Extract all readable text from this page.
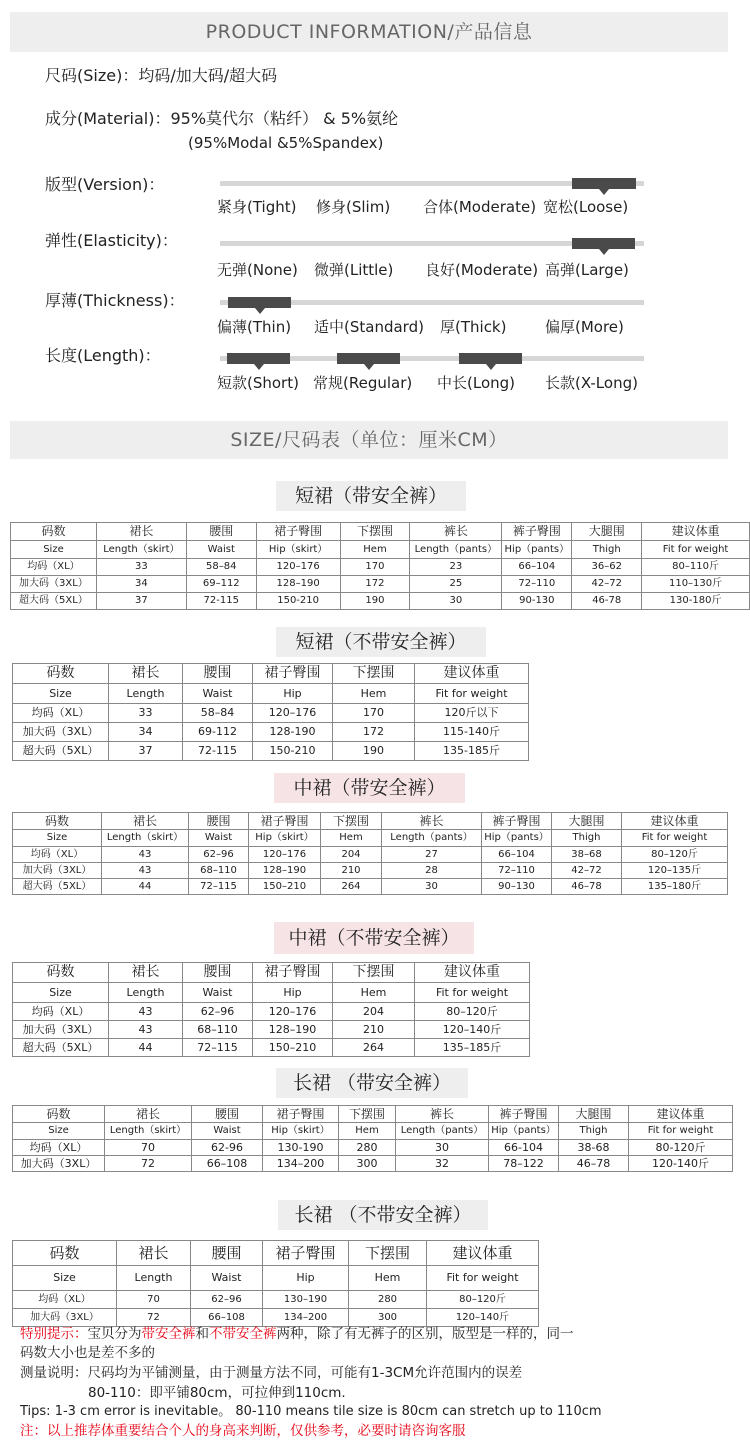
PRODUCT INFORMATION/产品信息
尺码(Size)：均码/加大码/超大码
成分(Material)：95%莫代尔（粘纤） & 5%氨纶
(95%Modal &5%Spandex)
版型(Version)：
紧身(Tight) 修身(Slim) 合体(Moderate) 宽松(Loose)
弹性(Elasticity)：
无弹(None) 微弹(Little) 良好(Moderate) 高弹(Large)
厚薄(Thickness)：
偏薄(Thin) 适中(Standard) 厚(Thick)	偏厚(More)
长度(Length)：
短款(Short) 常规(Regular) 中长(Long) 长款(X-Long)
SIZE/尺码表（单位：厘米CM）
短裙（带安全裤）
码数	裙长	腰围	裙子臀围	下摆围	裤长	裤子臀围	大腿围	建议体重
Size	Length（skirt）	Waist	Hip（skirt）	Hem	Length（pants）	Hip（pants）	Thigh	Fit for weight
均码（XL）	33	58–84	120–176	170	23	66–104	36–62	80–110斤
加大码（3XL）	34	69–112	128–190	172	25	72–110	42–72	110–130斤
超大码（5XL）	37	72-115	150-210	190	30	90-130	46-78	130-180斤
短裙（不带安全裤）
码数	裙长	腰围	裙子臀围	下摆围	建议体重
Size	Length	Waist	Hip	Hem	Fit for weight
均码（XL）	33	58–84	120–176	170	120斤以下
加大码（3XL）	34	69-112	128-190	172	115-140斤
超大码（5XL）	37	72-115	150-210	190	135-185斤
中裙（带安全裤）
码数	裙长	腰围	裙子臀围	下摆围	裤长	裤子臀围	大腿围	建议体重
Size	Length（skirt）	Waist	Hip（skirt）	Hem	Length（pants）	Hip（pants）	Thigh	Fit for weight
均码（XL）	43	62–96	120–176	204	27	66–104	38–68	80–120斤
加大码（3XL）	43	68–110	128–190	210	28	72–110	42–72	120–135斤
超大码（5XL）	44	72–115	150–210	264	30	90–130	46–78	135–180斤
中裙（不带安全裤）
码数	裙长	腰围	裙子臀围	下摆围	建议体重
Size	Length	Waist	Hip	Hem	Fit for weight
均码（XL）	43	62–96	120–176	204	80–120斤
加大码（3XL）	43	68–110	128–190	210	120–140斤
超大码（5XL）	44	72–115	150–210	264	135–185斤
长裙 （带安全裤）
码数	裙长	腰围	裙子臀围	下摆围	裤长	裤子臀围	大腿围	建议体重
Size	Length（skirt）	Waist	Hip（skirt）	Hem	Length（pants）	Hip（pants）	Thigh	Fit for weight
均码（XL）	70	62-96	130-190	280	30	66-104	38-68	80-120斤
加大码（3XL）	72	66–108	134–200	300	32	78–122	46–78	120-140斤
长裙 （不带安全裤）
码数	裙长	腰围	裙子臀围	下摆围	建议体重
Size	Length	Waist	Hip	Hem	Fit for weight
均码（XL）	70	62–96	130–190	280	80–120斤
加大码（3XL）	72	66–108	134–200	300	120–140斤
特别提示：宝贝分为带安全裤和不带安全裤两种，除了有无裤子的区别，版型是一样的，同一
码数大小也是差不多的
测量说明：尺码均为平铺测量，由于测量方法不同，可能有1-3CM允许范围内的误差
80-110：即平铺80cm，可拉伸到110cm.
Tips: 1-3 cm error is inevitable。 80-110 means tile size is 80cm can stretch up to 110cm
注：以上推荐体重要结合个人的身高来判断，仅供参考，必要时请咨询客服
